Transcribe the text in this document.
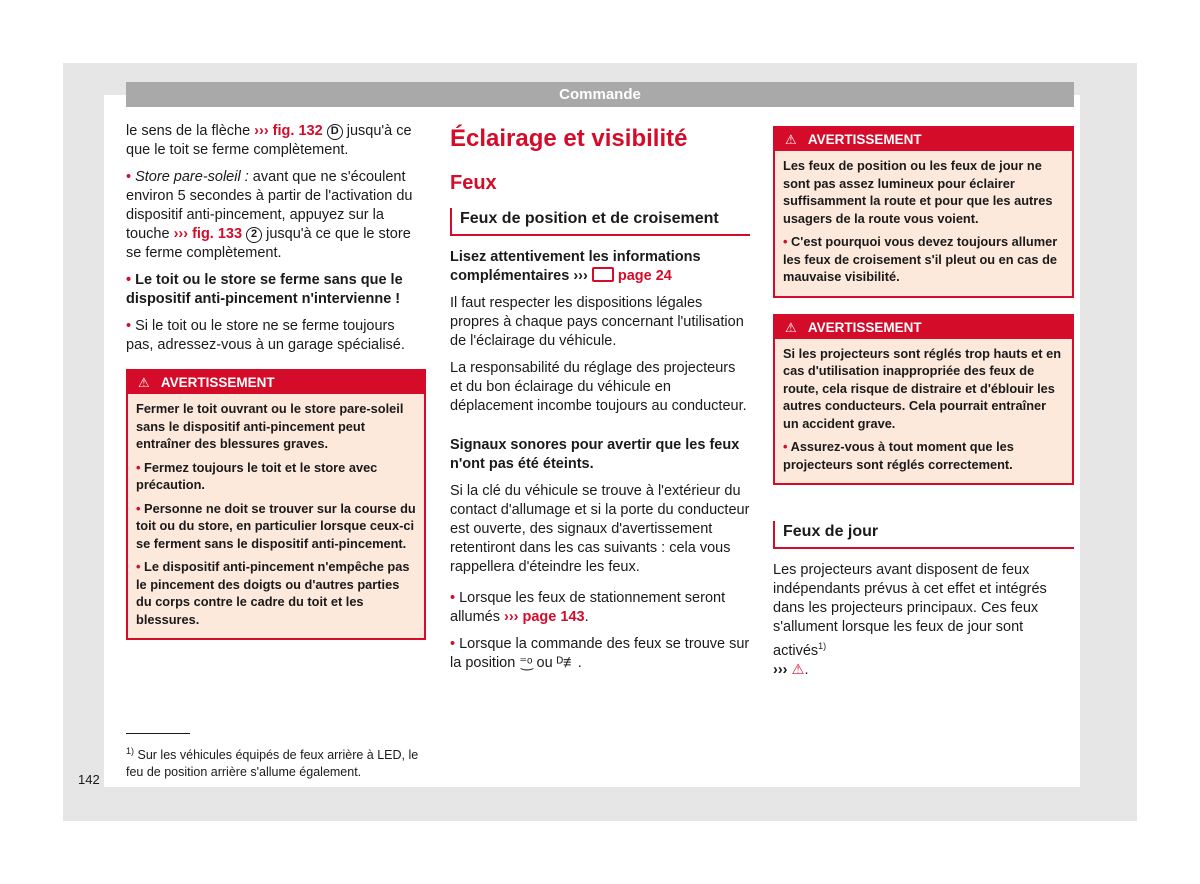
Commande

le sens de la flèche ››› fig. 132 D jusqu'à ce que le toit se ferme complètement.

• Store pare-soleil : avant que ne s'écoulent environ 5 secondes à partir de l'activation du dispositif anti-pincement, appuyez sur la touche ››› fig. 133 2 jusqu'à ce que le store se ferme complètement.

• Le toit ou le store se ferme sans que le dispositif anti-pincement n'intervienne !

• Si le toit ou le store ne se ferme toujours pas, adressez-vous à un garage spécialisé.

⚠ AVERTISSEMENT

Fermer le toit ouvrant ou le store pare-soleil sans le dispositif anti-pincement peut entraîner des blessures graves.

• Fermez toujours le toit et le store avec précaution.

• Personne ne doit se trouver sur la course du toit ou du store, en particulier lorsque ceux-ci se ferment sans le dispositif anti-pincement.

• Le dispositif anti-pincement n'empêche pas le pincement des doigts ou d'autres parties du corps contre le cadre du toit et les blessures.

Éclairage et visibilité
Feux
Feux de position et de croisement

Lisez attentivement les informations complémentaires ››› page 24

Il faut respecter les dispositions légales propres à chaque pays concernant l'utilisation de l'éclairage du véhicule.

La responsabilité du réglage des projecteurs et du bon éclairage du véhicule en déplacement incombe toujours au conducteur.

Signaux sonores pour avertir que les feux n'ont pas été éteints.

Si la clé du véhicule se trouve à l'extérieur du contact d'allumage et si la porte du conducteur est ouverte, des signaux d'avertissement retentiront dans les cas suivants : cela vous rappellera d'éteindre les feux.

• Lorsque les feux de stationnement seront allumés ››› page 143.

• Lorsque la commande des feux se trouve sur la position ⁼͜ᵒ ou ᴰ≢.

⚠ AVERTISSEMENT

Les feux de position ou les feux de jour ne sont pas assez lumineux pour éclairer suffisamment la route et pour que les autres usagers de la route vous voient.

• C'est pourquoi vous devez toujours allumer les feux de croisement s'il pleut ou en cas de mauvaise visibilité.

⚠ AVERTISSEMENT

Si les projecteurs sont réglés trop hauts et en cas d'utilisation inappropriée des feux de route, cela risque de distraire et d'éblouir les autres conducteurs. Cela pourrait entraîner un accident grave.

• Assurez-vous à tout moment que les projecteurs sont réglés correctement.

Feux de jour

Les projecteurs avant disposent de feux indépendants prévus à cet effet et intégrés dans les projecteurs principaux. Ces feux s'allument lorsque les feux de jour sont activés$^{1)}$
››› ⚠.

$^{1)}$ Sur les véhicules équipés de feux arrière à LED, le feu de position arrière s'allume également.
142
